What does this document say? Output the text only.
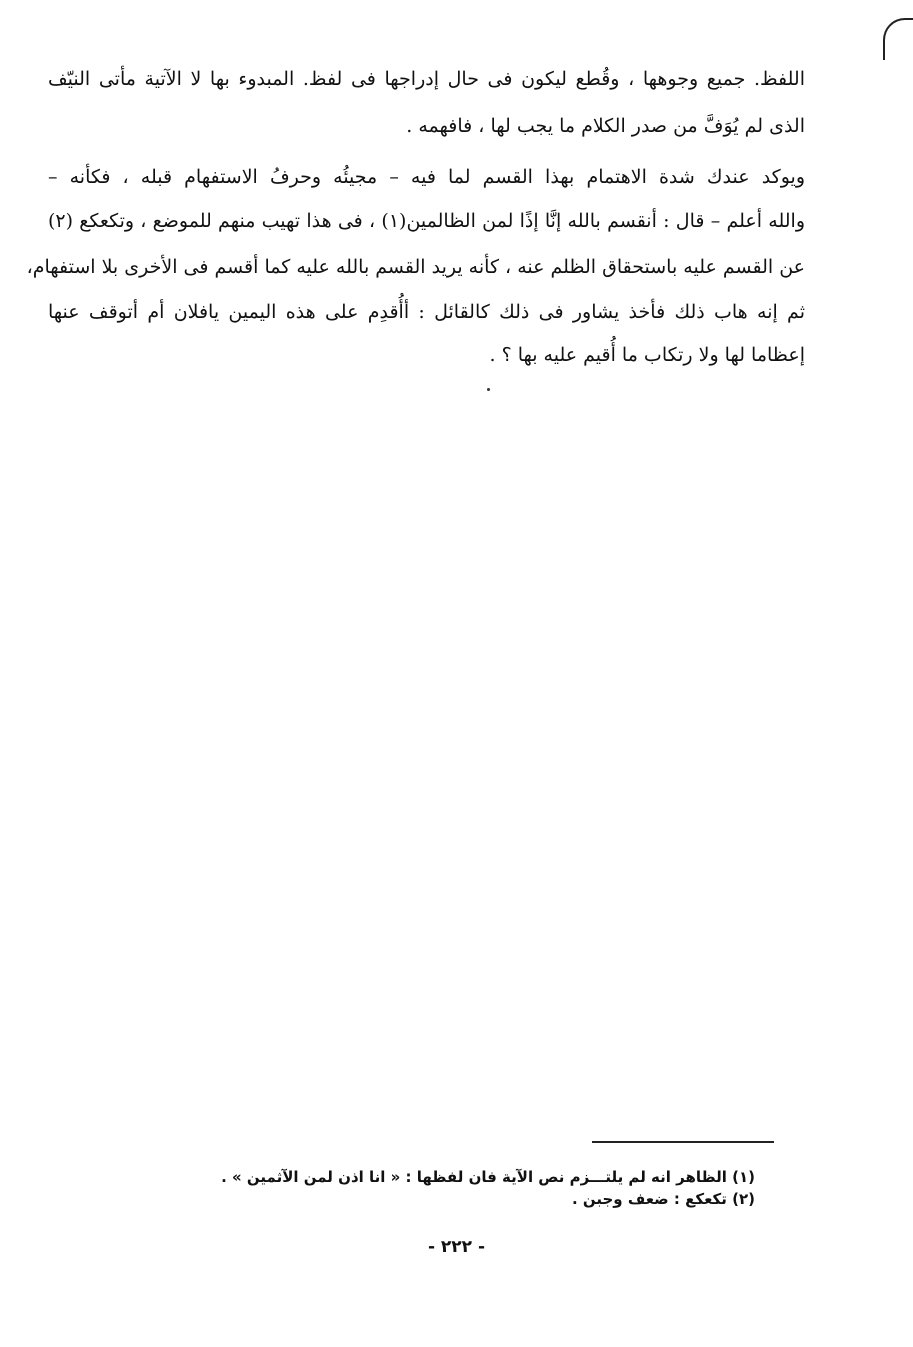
اللفظ. جميع وجوهها ، وقُطع ليكون فى حال إدراجها فى لفظ. المبدوء بها لا الآتية مأتى النيّف
الذى لم يُوَفَّ من صدر الكلام ما يجب لها ، فافهمه .
ويوكد عندك شدة الاهتمام بهذا القسم لما فيه – مجيئُه وحرفُ الاستفهام قبله ، فكأنه –
والله أعلم – قال : أنقسم بالله إنَّا إذًا لمن الظالمين(١) ، فى هذا تهيب منهم للموضع ، وتكعكع (٢)
عن القسم عليه باستحقاق الظلم عنه ، كأنه يريد القسم بالله عليه كما أقسم فى الأخرى بلا استفهام،
ثم إنه هاب ذلك فأخذ يشاور فى ذلك كالقائل : أأُقدِم على هذه اليمين يافلان أم أتوقف عنها
إعظاما لها ولا رتكاب ما أُقيم عليه بها ؟ .
(١) الظاهر انه لم يلتـــزم نص الآية فان لفظها : « انا اذن لمن الآثمين » .
(٢) تكعكع : ضعف وجبن .
- ٢٢٢ -
